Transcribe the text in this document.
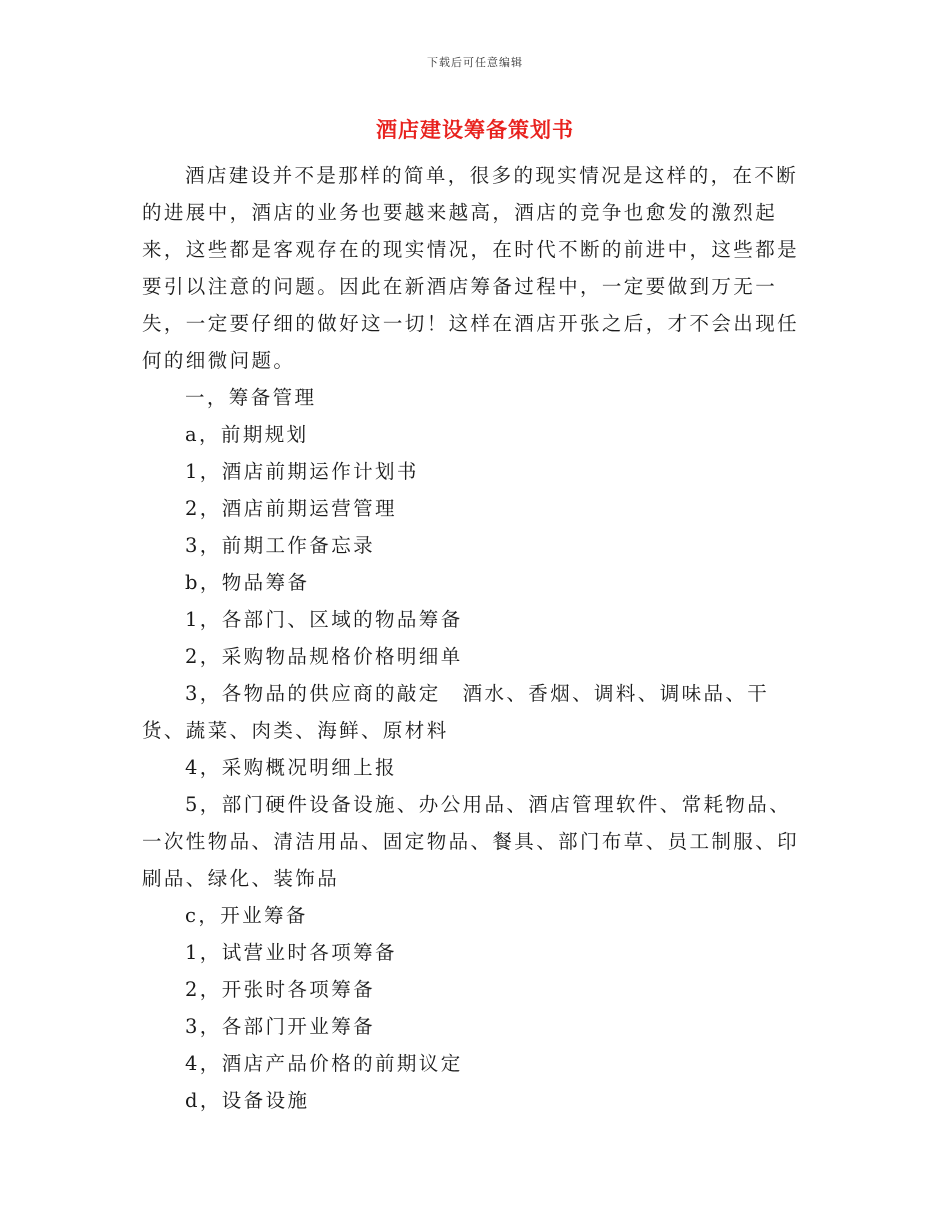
下载后可任意编辑
酒店建设筹备策划书

酒店建设并不是那样的简单，很多的现实情况是这样的，在不断的进展中，酒店的业务也要越来越高，酒店的竞争也愈发的激烈起来，这些都是客观存在的现实情况，在时代不断的前进中，这些都是要引以注意的问题。因此在新酒店筹备过程中，一定要做到万无一失，一定要仔细的做好这一切！这样在酒店开张之后，才不会出现任何的细微问题。

一，筹备管理

a，前期规划

1，酒店前期运作计划书

2，酒店前期运营管理

3，前期工作备忘录

b，物品筹备

1，各部门、区域的物品筹备

2，采购物品规格价格明细单

3，各物品的供应商的敲定　酒水、香烟、调料、调味品、干货、蔬菜、肉类、海鲜、原材料

4，采购概况明细上报

5，部门硬件设备设施、办公用品、酒店管理软件、常耗物品、一次性物品、清洁用品、固定物品、餐具、部门布草、员工制服、印刷品、绿化、装饰品

c，开业筹备

1，试营业时各项筹备

2，开张时各项筹备

3，各部门开业筹备

4，酒店产品价格的前期议定

d，设备设施
